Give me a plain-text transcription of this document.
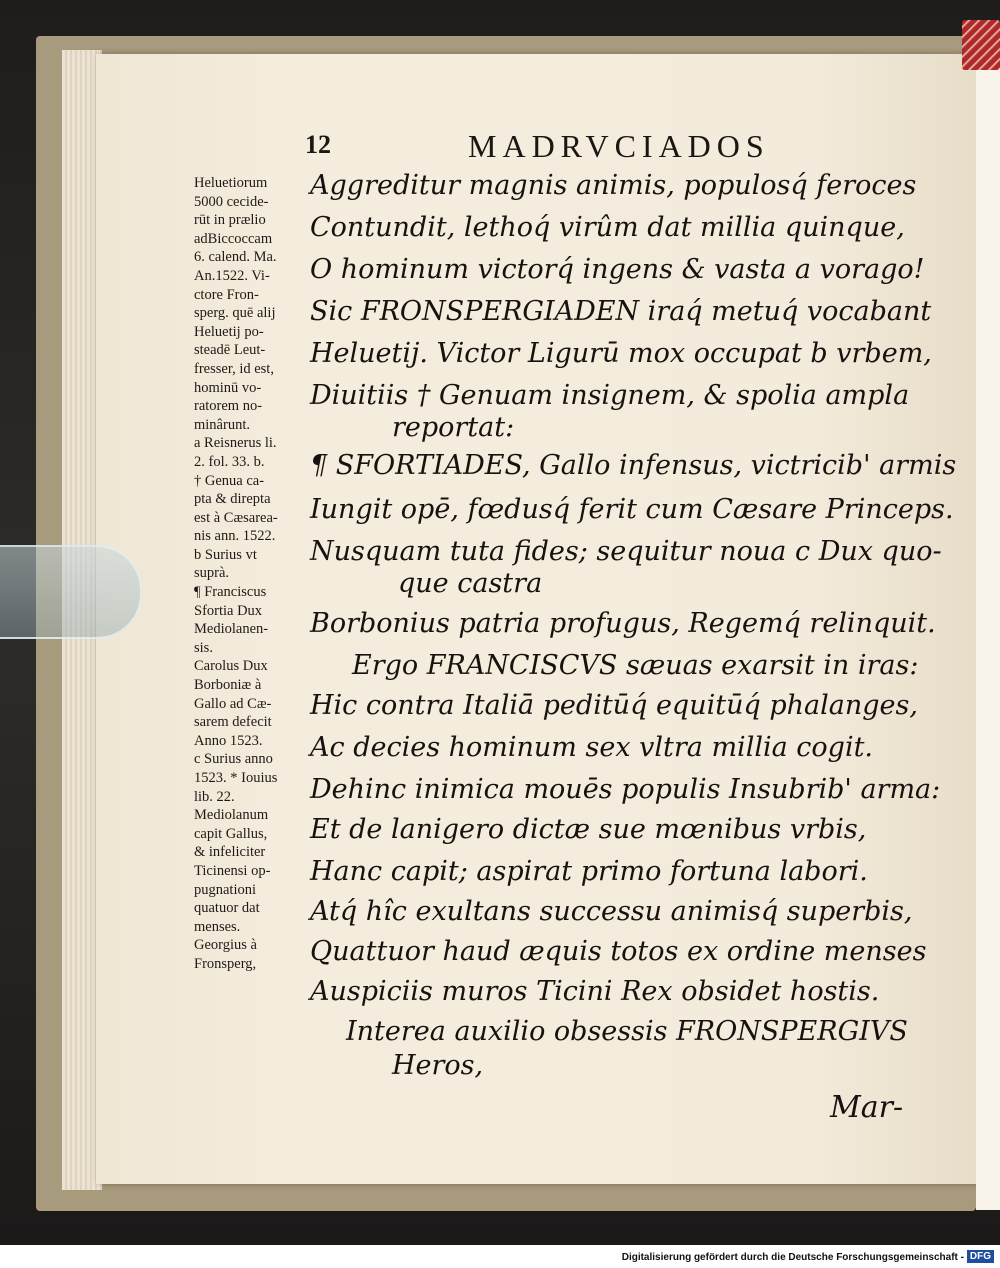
12	MADRVCIADOS
Heluetiorum
5000 cecide-
rūt in prælio
adBiccoccam
6. calend. Ma.
An.1522. Vi-
ctore Fron-
sperg. quē alij
Heluetij po-
steadē Leut-
fresser, id est,
hominū vo-
ratorem no-
minârunt.
a Reisnerus li.
2. fol. 33. b.
† Genua ca-
pta & direpta
est à Cæsarea-
nis ann. 1522.
b Surius vt
suprà.
¶ Franciscus
Sfortia Dux
Mediolanen-
sis.
Carolus Dux
Borboniæ à
Gallo ad Cæ-
sarem defecit
Anno 1523.
c Surius anno
1523. * Iouius
lib. 22.
Mediolanum
capit Gallus,
& infeliciter
Ticinensi op-
pugnationi
quatuor dat
menses.
Georgius à
Fronsperg,
Aggreditur magnis animis, populosq́ feroces
Contundit, lethoq́ virûm dat millia quinque,
O hominum victorq́ ingens & vasta a vorago!
Sic FRONSPERGIADEN iraq́ metuq́ vocabant
Heluetij. Victor Ligurū mox occupat b vrbem,
Diuitiis † Genuam insignem, & spolia ampla
reportat:
¶ SFORTIADES, Gallo infensus, victricib' armis
Iungit opē, fœdusq́ ferit cum Cæsare Princeps.
Nusquam tuta fides; sequitur noua c Dux quo-
que castra
Borbonius patria profugus, Regemq́ relinquit.
Ergo FRANCISCVS sæuas exarsit in iras:
Hic contra Italiā peditūq́ equitūq́ phalanges,
Ac decies hominum sex vltra millia cogit.
Dehinc inimica mouēs populis Insubrib' arma:
Et de lanigero dictæ sue mœnibus vrbis,
Hanc capit; aspirat primo fortuna labori.
Atq́ hîc exultans successu animisq́ superbis,
Quattuor haud æquis totos ex ordine menses
Auspiciis muros Ticini Rex obsidet hostis.
Interea auxilio obsessis FRONSPERGIVS
Heros,
Mar-
Digitalisierung gefördert durch die Deutsche Forschungsgemeinschaft - DFG
